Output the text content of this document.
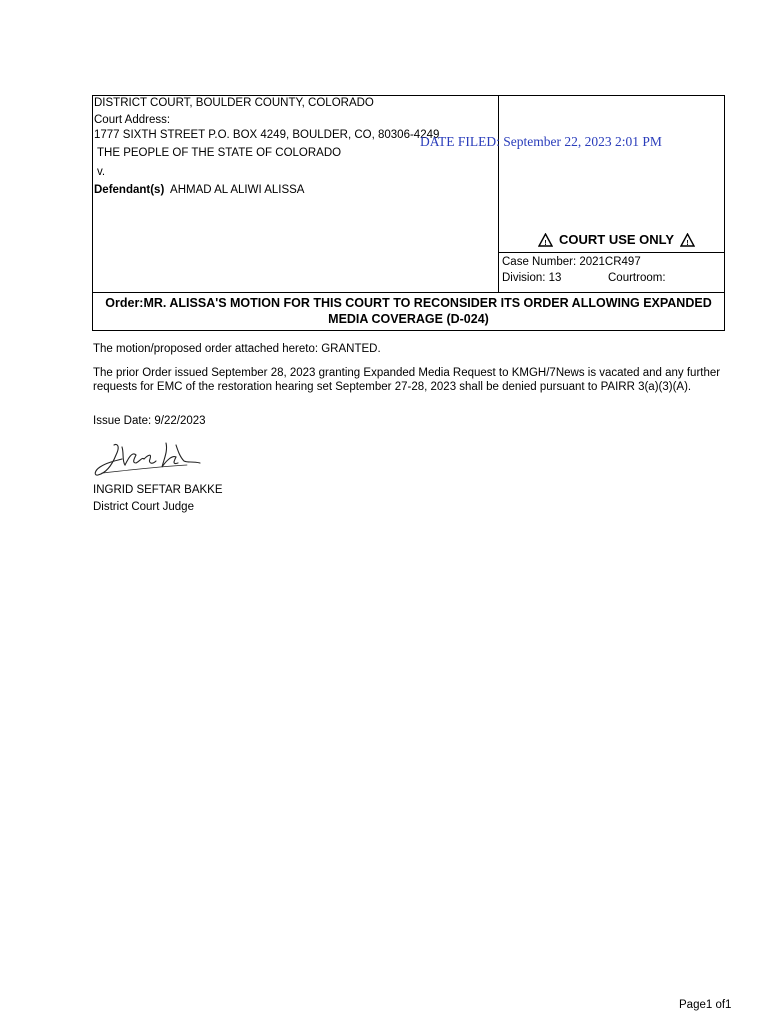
DISTRICT COURT, BOULDER COUNTY, COLORADO
Court Address:
1777 SIXTH STREET P.O. BOX 4249, BOULDER, CO, 80306-4249
DATE FILED: September 22, 2023 2:01 PM
THE PEOPLE OF THE STATE OF COLORADO
v.
Defendant(s) AHMAD AL ALIWI ALISSA
! COURT USE ONLY !
Case Number: 2021CR497
Division: 13	Courtroom:
Order:MR. ALISSA'S MOTION FOR THIS COURT TO RECONSIDER ITS ORDER ALLOWING EXPANDED
MEDIA COVERAGE (D-024)
The motion/proposed order attached hereto: GRANTED.
The prior Order issued September 28, 2023 granting Expanded Media Request to KMGH/7News is vacated and any further
requests for EMC of the restoration hearing set September 27-28, 2023 shall be denied pursuant to PAIRR 3(a)(3)(A).
Issue Date: 9/22/2023
INGRID SEFTAR BAKKE
District Court Judge
Page1 of1
